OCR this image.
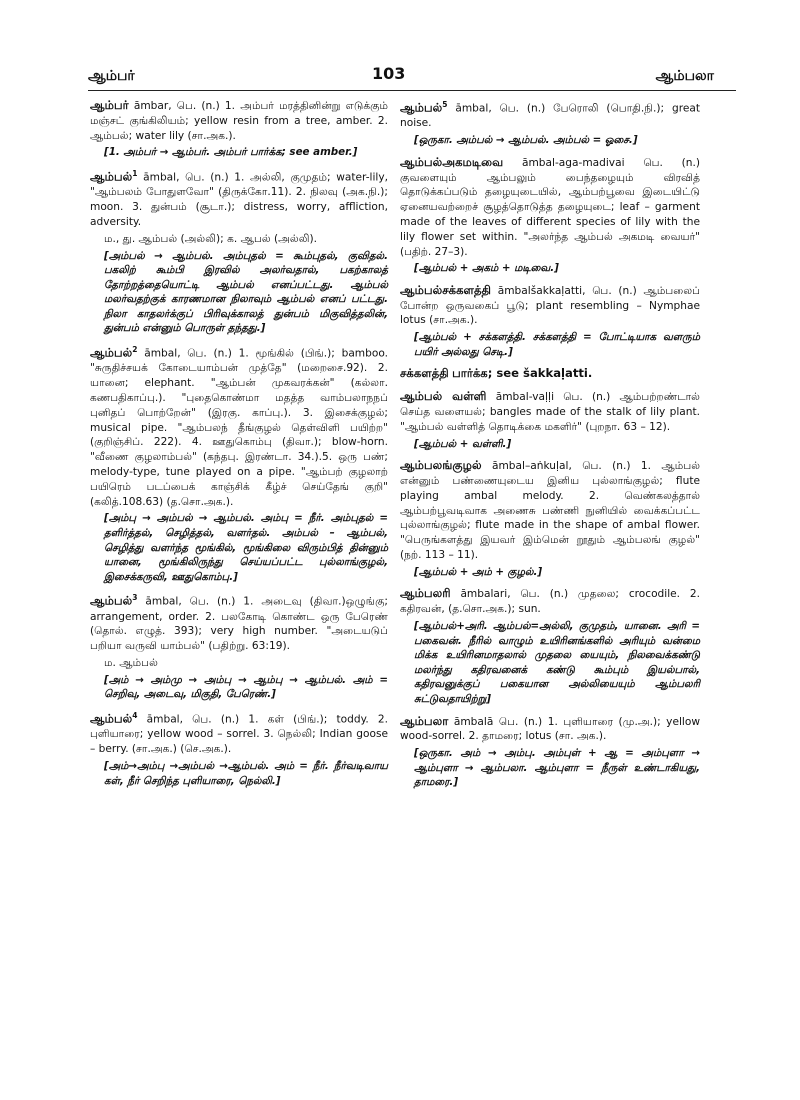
ஆம்பர்	103	ஆம்பலா
ஆம்பர் āmbar, பெ. (n.) 1. அம்பர் மரத்தினின்று எடுக்கும் மஞ்சட் குங்கிலியம்; yellow resin from a tree, amber. 2. ஆம்பல்; water lily (சா.அக.).
[1. அம்பர் → ஆம்பர். அம்பர் பார்க்க; see amber.]
ஆம்பல்$^1$ āmbal, பெ. (n.) 1. அல்லி, குமுதம்; water-lily, "ஆம்பலம் போதுளவோ" (திருக்கோ.11). 2. நிலவு (அக.நி.); moon. 3. துன்பம் (சூடா.); distress, worry, affliction, adversity.
ம., து. ஆம்பல் (அல்லி); க. ஆபல் (அல்லி).
[அம்பல் → ஆம்பல். அம்புதல் = கூம்புதல், குவிதல். பகலிற் கூம்பி இரவில் அலர்வதால், பகற்காலத் தோற்றத்தையொட்டி ஆம்பல் எனப்பட்டது. ஆம்பல் மலர்வதற்குக் காரணமான நிலாவும் ஆம்பல் எனப் பட்டது. நிலா காதலர்க்குப் பிரிவுக்காலத் துன்பம் மிகுவித்தலின், துன்பம் என்னும் பொருள் தந்தது.]
ஆம்பல்$^2$ āmbal, பெ. (n.) 1. மூங்கில் (பிங்.); bamboo. "சுருதிச்சயக் கோடையாம்பன் முத்தே" (மறைசை.92). 2. யானை; elephant. "ஆம்பன் முகவரக்கன்" (கல்லா. கணபதிகாப்பு.). "புதைகொண்மா மதத்த வாம்பலாநநப் புனிதப் பொற்றேன்" (இரகு. காப்பு.). 3. இசைக்குழல்; musical pipe. "ஆம்பலந் தீங்குழல் தெள்விளி பயிற்ற" (குறிஞ்சிப். 222). 4. ஊதுகொம்பு (திவா.); blow-horn. "வீணை குழலாம்பல்" (கந்தபு. இரண்டா. 34.).5. ஒரு பண்; melody-type, tune played on a pipe. "ஆம்பற் குழலாற் பயிரெம் படப்பைக் காஞ்சிக் கீழ்ச் செய்தேங் குறி" (கலித்.108.63) (த.சொ.அக.).
[அம்பு → அம்பல் → ஆம்பல். அம்பு = நீர். அம்புதல் = தளிர்த்தல், செழித்தல், வளர்தல். அம்பல் – ஆம்பல், செழித்து வளர்ந்த மூங்கில், மூங்கிலை விரும்பித் தின்னும் யானை, மூங்கிலிருந்து செய்யப்பட்ட புல்லாங்குழல், இசைக்கருவி, ஊதுகொம்பு.]
ஆம்பல்$^3$ āmbal, பெ. (n.) 1. அடைவு (திவா.)ஒழுங்கு; arrangement, order. 2. பலகோடி கொண்ட ஒரு பேரெண் (தொல். எழுத். 393); very high number. "அடையடுப் பறியா வருவி யாம்பல்" (பதிற்று. 63:19).
ம. ஆம்பல்
[அம் → அம்மு → அம்பு → ஆம்பு → ஆம்பல். அம் = செறிவு, அடைவு, மிகுதி, பேரெண்.]
ஆம்பல்$^4$ āmbal, பெ. (n.) 1. கள் (பிங்.); toddy. 2. புளியாரை; yellow wood – sorrel. 3. நெல்லி; Indian goose – berry. (சா.அக.) (செ.அக.).
[அம்→அம்பு →அம்பல் →ஆம்பல். அம் = நீர். நீர்வடிவாய கள், நீர் செறிந்த புளியாரை, நெல்லி.]
ஆம்பல்$^5$ āmbal, பெ. (n.) பேரொலி (பொதி.நி.); great noise.
[ஒருகா. அம்பல் → ஆம்பல். அம்பல் = ஓசை.]
ஆம்பல்அகமடிவை āmbal-aga-madivai பெ. (n.) குவளையும் ஆம்பலும் பைந்தழையும் விரவித் தொடுக்கப்படும் தழையுடையில், ஆம்பற்பூவை இடையிட்டு ஏனையவற்றைச் சூழத்தொடுத்த தழையுடை; leaf – garment made of the leaves of different species of lily with the lily flower set within. "அலர்ந்த ஆம்பல் அகமடி வையர்" (பதிற். 27–3).
[ஆம்பல் + அகம் + மடிவை.]
ஆம்பல்சக்களத்தி āmbalšakkaḷatti, பெ. (n.) ஆம்பலைப் போன்ற ஒருவகைப் பூடு; plant resembling – Nymphae lotus (சா.அக.).
[ஆம்பல் + சக்களத்தி. சக்களத்தி = போட்டியாக வளரும் பயிர் அல்லது செடி.]
சக்களத்தி பார்க்க; see šakkaḷatti.
ஆம்பல் வள்ளி āmbal-vaḷḷi பெ. (n.) ஆம்பற்றண்டால் செய்த வளையல்; bangles made of the stalk of lily plant. "ஆம்பல் வள்ளித் தொடிக்கை மகளிர்" (புறநா. 63 – 12).
[ஆம்பல் + வள்ளி.]
ஆம்பலங்குழல் āmbal–aṅkuḷal, பெ. (n.) 1. ஆம்பல் என்னும் பண்ணையுடைய இனிய புல்லாங்குழல்; flute playing ambal melody. 2. வெண்கலத்தால் ஆம்பற்பூவடிவாக அணைசு பண்ணி நுனியில் வைக்கப்பட்ட புல்லாங்குழல்; flute made in the shape of ambal flower. "பெருங்களத்து இயவர் இம்மென் றூதும் ஆம்பலங் குழல்" (நற். 113 – 11).
[ஆம்பல் + அம் + குழல்.]
ஆம்பலரி āmbalari, பெ. (n.) முதலை; crocodile. 2. கதிரவன், (த.சொ.அக.); sun.
[ஆம்பல்+அரி. ஆம்பல்=அல்லி, குமுதம், யானை. அரி = பகைவன். நீரில் வாழும் உயிரினங்களில் அரியும் வன்மை மிக்க உயிரினமாதலால் முதலை யையும், நிலவைக்கண்டு மலர்ந்து கதிரவனைக் கண்டு கூம்பும் இயல்பால், கதிரவனுக்குப் பகையான அல்லியையும் ஆம்பலரி சுட்டுவதாயிற்று]
ஆம்பலா āmbalā பெ. (n.) 1. புளியாரை (மு.அ.); yellow wood-sorrel. 2. தாமரை; lotus (சா. அக.).
[ஒருகா. அம் → அம்பு. அம்புள் + ஆ = அம்புளா → ஆம்புளா → ஆம்பலா. ஆம்புளா = நீருள் உண்டாகியது, தாமரை.]
